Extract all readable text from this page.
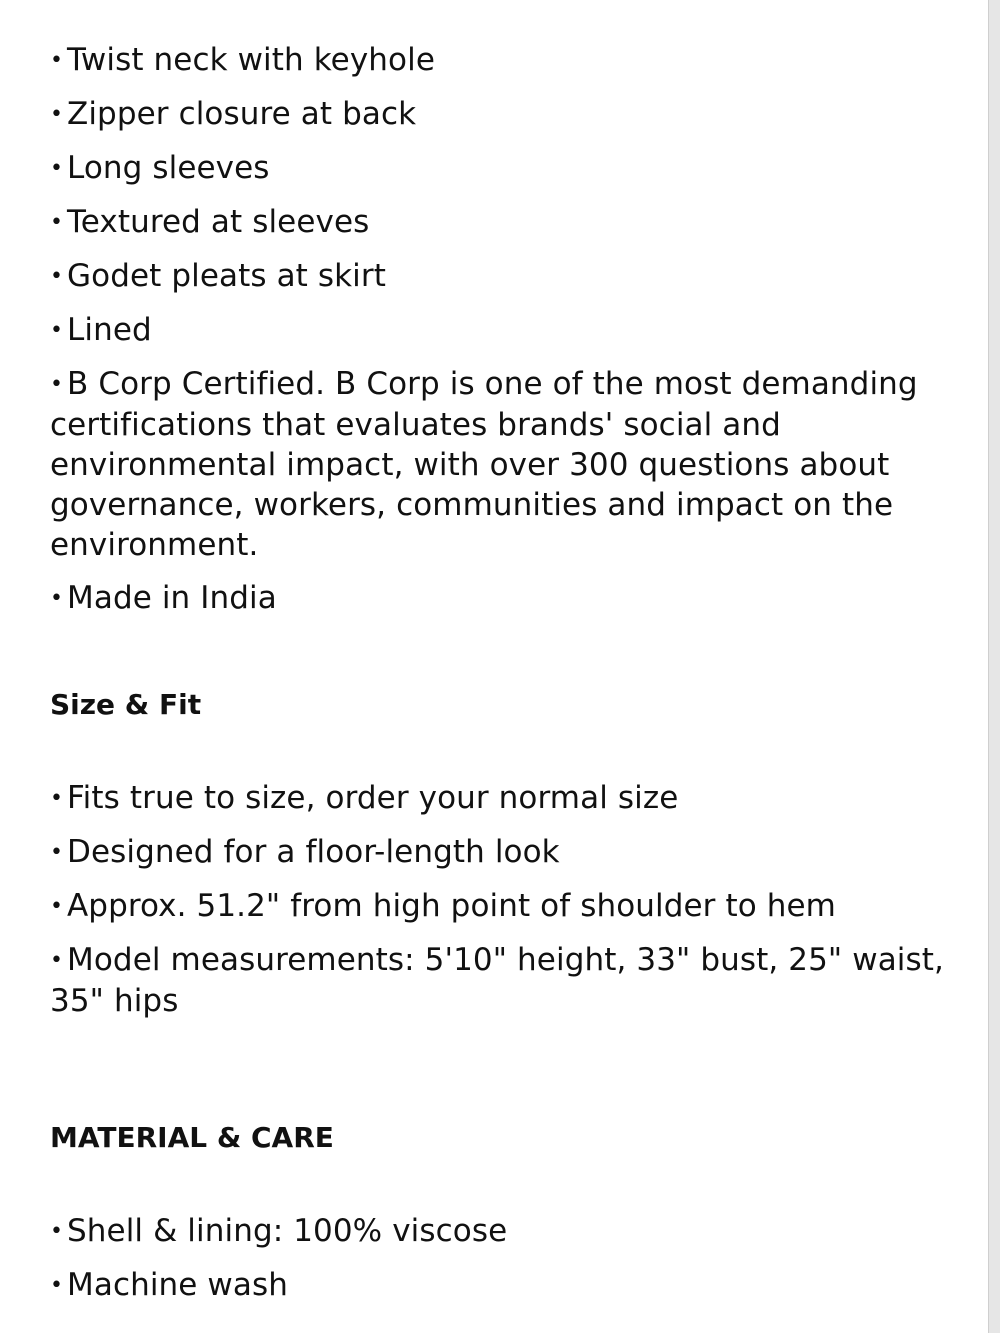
• Twist neck with keyhole

• Zipper closure at back

• Long sleeves

• Textured at sleeves

• Godet pleats at skirt

• Lined

• B Corp Certified. B Corp is one of the most demanding certifications that evaluates brands' social and environmental impact, with over 300 questions about governance, workers, communities and impact on the environment.

• Made in India

Size & Fit

• Fits true to size, order your normal size

• Designed for a floor-length look

• Approx. 51.2" from high point of shoulder to hem

• Model measurements: 5'10" height, 33" bust, 25" waist, 35" hips

MATERIAL & CARE

• Shell & lining: 100% viscose

• Machine wash
